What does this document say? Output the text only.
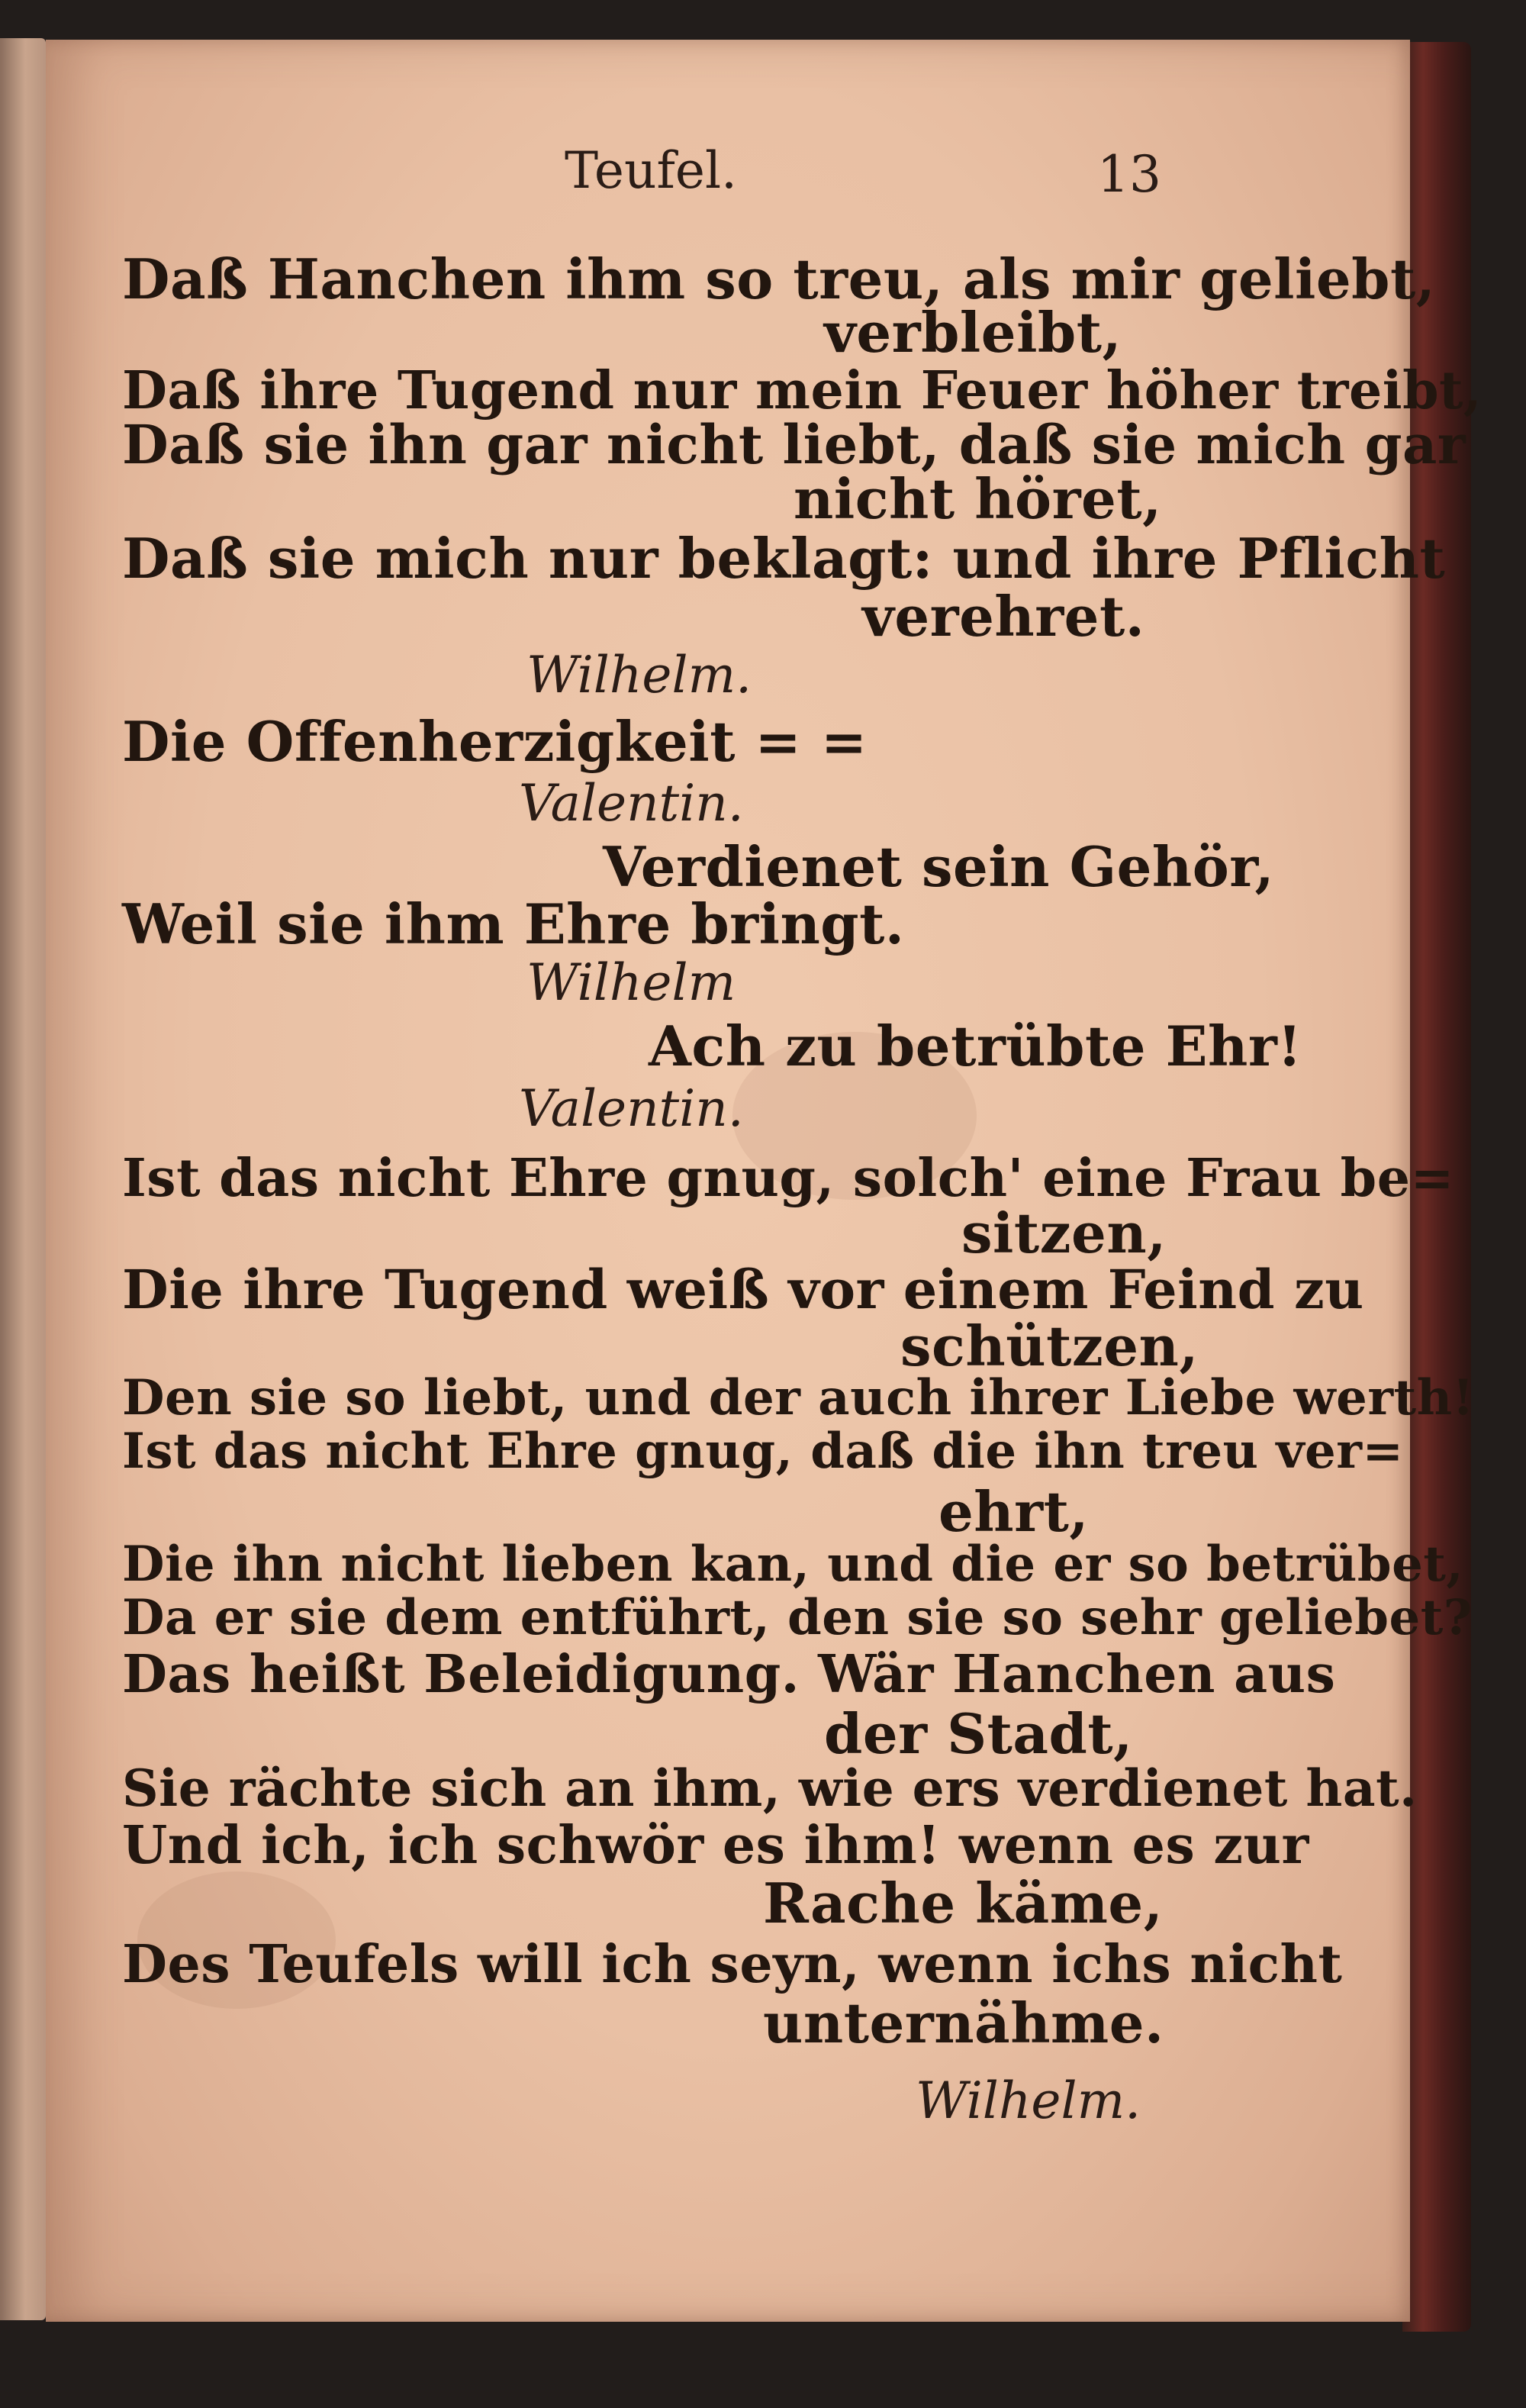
Teufel.	13
Daß Hanchen ihm so treu, als mir geliebt,
verbleibt,
Daß ihre Tugend nur mein Feuer höher treibt,
Daß sie ihn gar nicht liebt, daß sie mich gar
nicht höret,
Daß sie mich nur beklagt: und ihre Pflicht
verehret.
Wilhelm.
Die Offenherzigkeit = =
Valentin.
Verdienet sein Gehör,
Weil sie ihm Ehre bringt.
Wilhelm
Ach zu betrübte Ehr!
Valentin.
Ist das nicht Ehre gnug, solch' eine Frau be=
sitzen,
Die ihre Tugend weiß vor einem Feind zu
schützen,
Den sie so liebt, und der auch ihrer Liebe werth!
Ist das nicht Ehre gnug, daß die ihn treu ver=
ehrt,
Die ihn nicht lieben kan, und die er so betrübet,
Da er sie dem entführt, den sie so sehr geliebet?
Das heißt Beleidigung. Wär Hanchen aus
der Stadt,
Sie rächte sich an ihm, wie ers verdienet hat.
Und ich, ich schwör es ihm! wenn es zur
Rache käme,
Des Teufels will ich seyn, wenn ichs nicht
unternähme.
Wilhelm.
